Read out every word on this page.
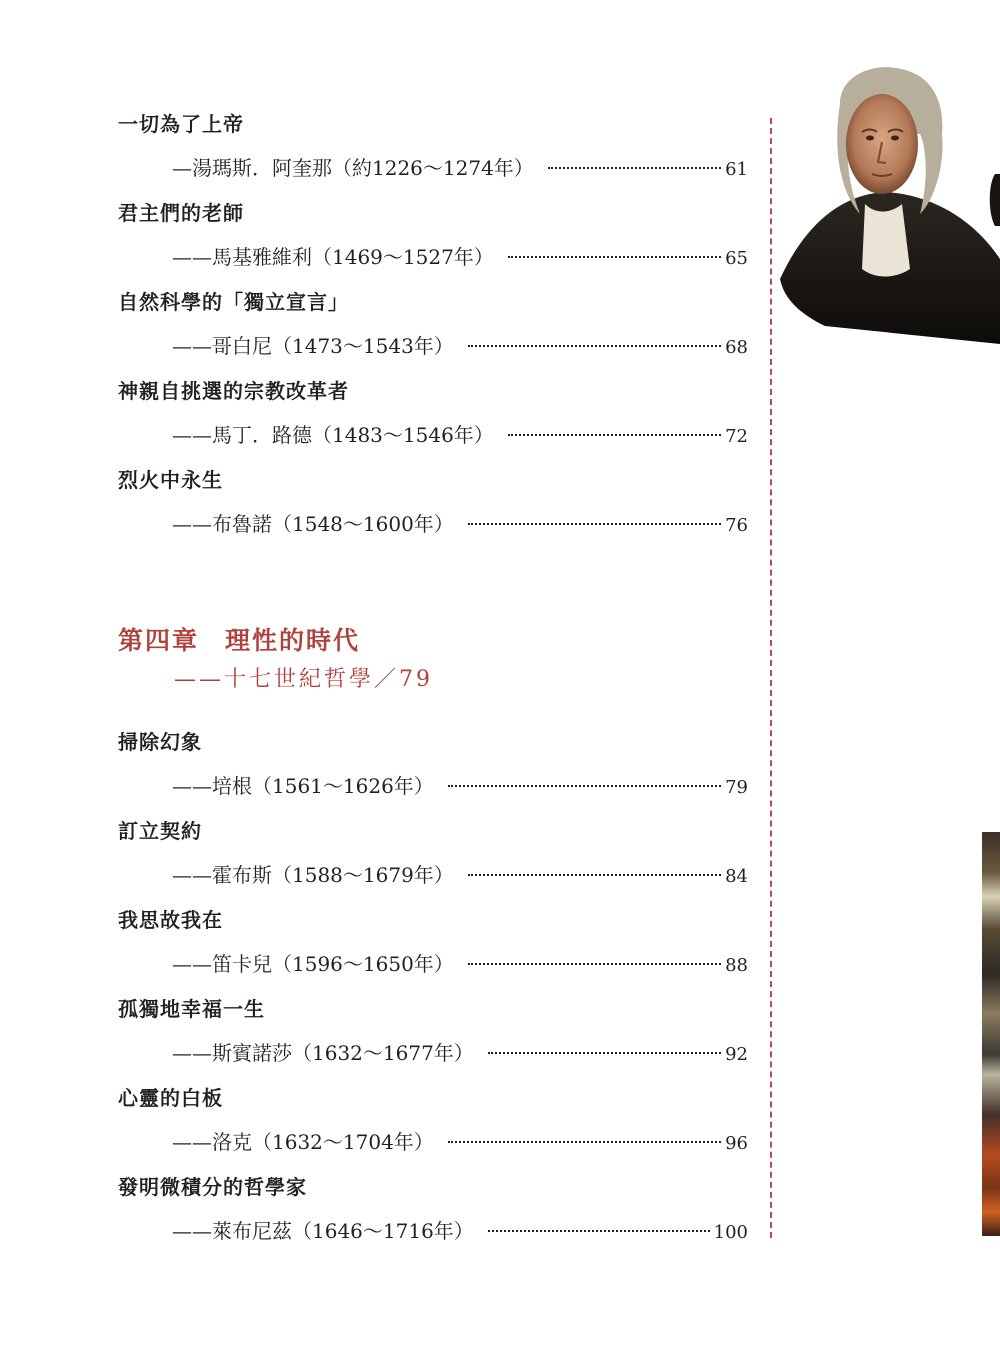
一切為了上帝
—湯瑪斯．阿奎那（約1226～1274年）	61
君主們的老師
——馬基雅維利（1469～1527年）	65
自然科學的「獨立宣言」
——哥白尼（1473～1543年）	68
神親自挑選的宗教改革者
——馬丁．路德（1483～1546年）	72
烈火中永生
——布魯諾（1548～1600年）	76
第四章 理性的時代
——十七世紀哲學／79
掃除幻象
——培根（1561～1626年）	79
訂立契約
——霍布斯（1588～1679年）	84
我思故我在
——笛卡兒（1596～1650年）	88
孤獨地幸福一生
——斯賓諾莎（1632～1677年）	92
心靈的白板
——洛克（1632～1704年）	96
發明微積分的哲學家
——萊布尼茲（1646～1716年）	100
